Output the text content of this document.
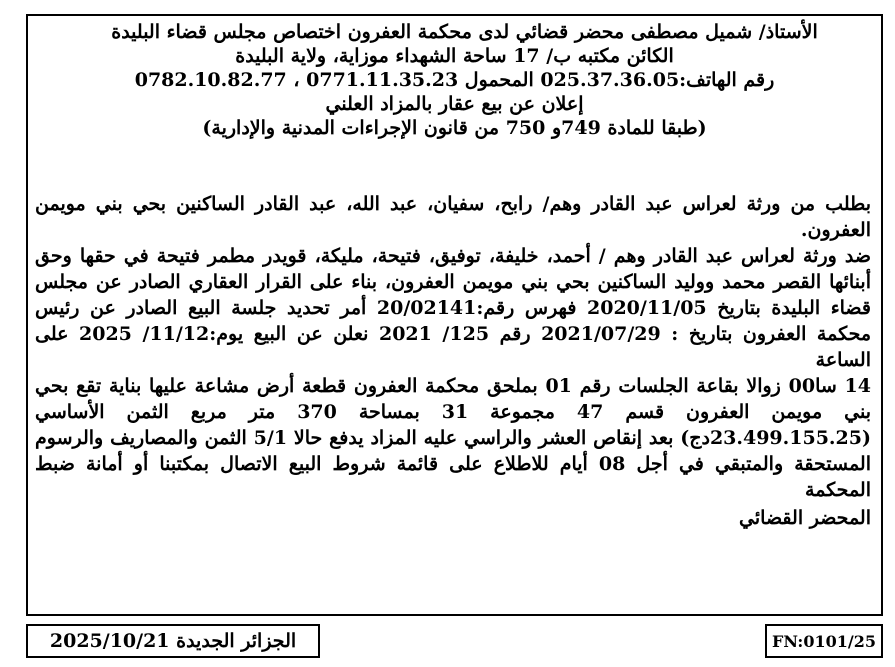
الأستاذ/ شميل مصطفى محضر قضائي لدى محكمة العفرون اختصاص مجلس قضاء البليدة
الكائن مكتبه ب/ 17 ساحة الشهداء موزاية، ولاية البليدة
رقم الهاتف:025.37.36.05 المحمول 0771.11.35.23 ، 0782.10.82.77
إعلان عن بيع عقار بالمزاد العلني
(طبقا للمادة 749و 750 من قانون الإجراءات المدنية والإدارية)

بطلب من ورثة لعراس عبد القادر وهم/ رابح، سفيان، عبد الله، عبد القادر الساكنين بحي بني مويمن العفرون.

ضد ورثة لعراس عبد القادر وهم / أحمد، خليفة، توفيق، فتيحة، مليكة، قويدر مطمر فتيحة في حقها وحق أبنائها القصر محمد ووليد الساكنين بحي بني مويمن العفرون، بناء على القرار العقاري الصادر عن مجلس قضاء البليدة بتاريخ 2020/11/05 فهرس رقم:20/02141 أمر تحديد جلسة البيع الصادر عن رئيس محكمة العفرون بتاريخ : 2021/07/29 رقم 125/ 2021 نعلن عن البيع يوم:11/12/ 2025 على الساعة

14 سا00 زوالا بقاعة الجلسات رقم 01 بملحق محكمة العفرون قطعة أرض مشاعة عليها بناية تقع بحي بني مويمن العفرون قسم 47 مجموعة 31 بمساحة 370 متر مربع الثمن الأساسي (23.499.155.25دج) بعد إنقاص العشر والراسي عليه المزاد يدفع حالا 5/1 الثمن والمصاريف والرسوم المستحقة والمتبقي في أجل 08 أيام للاطلاع على قائمة شروط البيع الاتصال بمكتبنا أو أمانة ضبط المحكمة

المحضر القضائي

الجزائر الجديدة 2025/10/21	FN:0101/25
